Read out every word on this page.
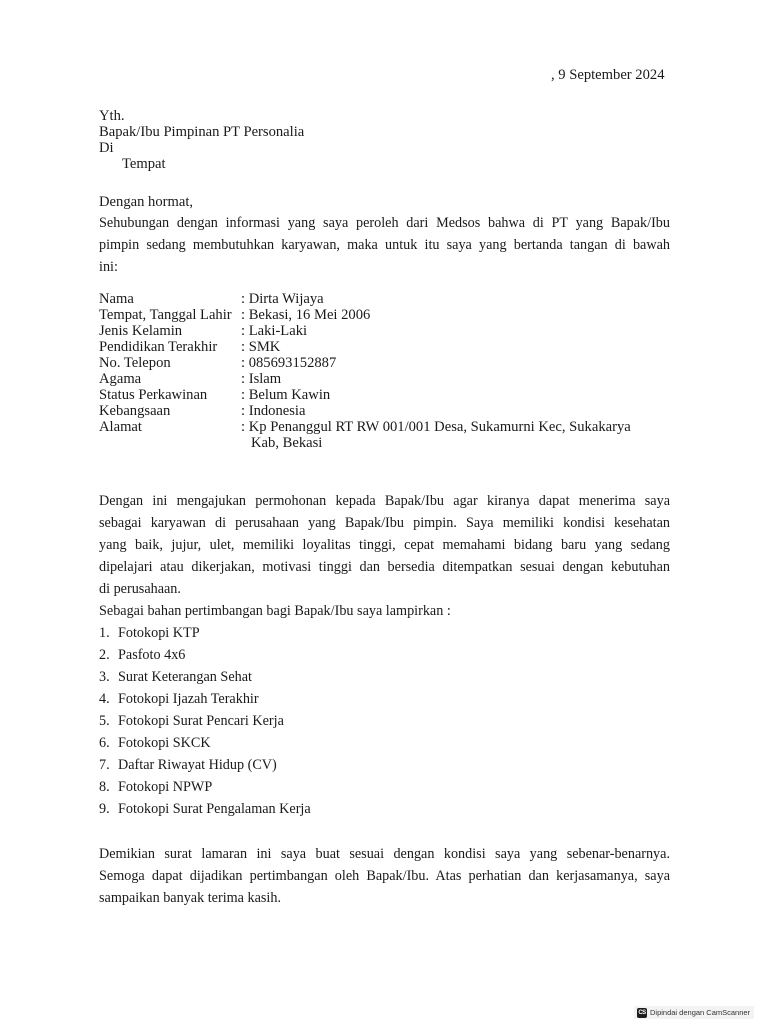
, 9 September 2024
Yth.
Bapak/Ibu Pimpinan PT Personalia
Di
Tempat
Dengan hormat,
Sehubungan dengan informasi yang saya peroleh dari Medsos bahwa di PT yang Bapak/Ibu
pimpin sedang membutuhkan karyawan, maka untuk itu saya yang bertanda tangan di bawah
ini:
Nama	: Dirta Wijaya
Tempat, Tanggal Lahir : Bekasi, 16 Mei 2006
Jenis Kelamin	: Laki-Laki
Pendidikan Terakhir : SMK
No. Telepon	: 085693152887
Agama	: Islam
Status Perkawinan : Belum Kawin
Kebangsaan	: Indonesia
Alamat	: Kp Penanggul RT RW 001/001 Desa, Sukamurni Kec, Sukakarya
Kab, Bekasi
Dengan ini mengajukan permohonan kepada Bapak/Ibu agar kiranya dapat menerima saya
sebagai karyawan di perusahaan yang Bapak/Ibu pimpin. Saya memiliki kondisi kesehatan
yang baik, jujur, ulet, memiliki loyalitas tinggi, cepat memahami bidang baru yang sedang
dipelajari atau dikerjakan, motivasi tinggi dan bersedia ditempatkan sesuai dengan kebutuhan
di perusahaan.
Sebagai bahan pertimbangan bagi Bapak/Ibu saya lampirkan :
1. Fotokopi KTP
2. Pasfoto 4x6
3. Surat Keterangan Sehat
4. Fotokopi Ijazah Terakhir
5. Fotokopi Surat Pencari Kerja
6. Fotokopi SKCK
7. Daftar Riwayat Hidup (CV)
8. Fotokopi NPWP
9. Fotokopi Surat Pengalaman Kerja
Demikian surat lamaran ini saya buat sesuai dengan kondisi saya yang sebenar-benarnya.
Semoga dapat dijadikan pertimbangan oleh Bapak/Ibu. Atas perhatian dan kerjasamanya, saya
sampaikan banyak terima kasih.
CS Dipindai dengan CamScanner
